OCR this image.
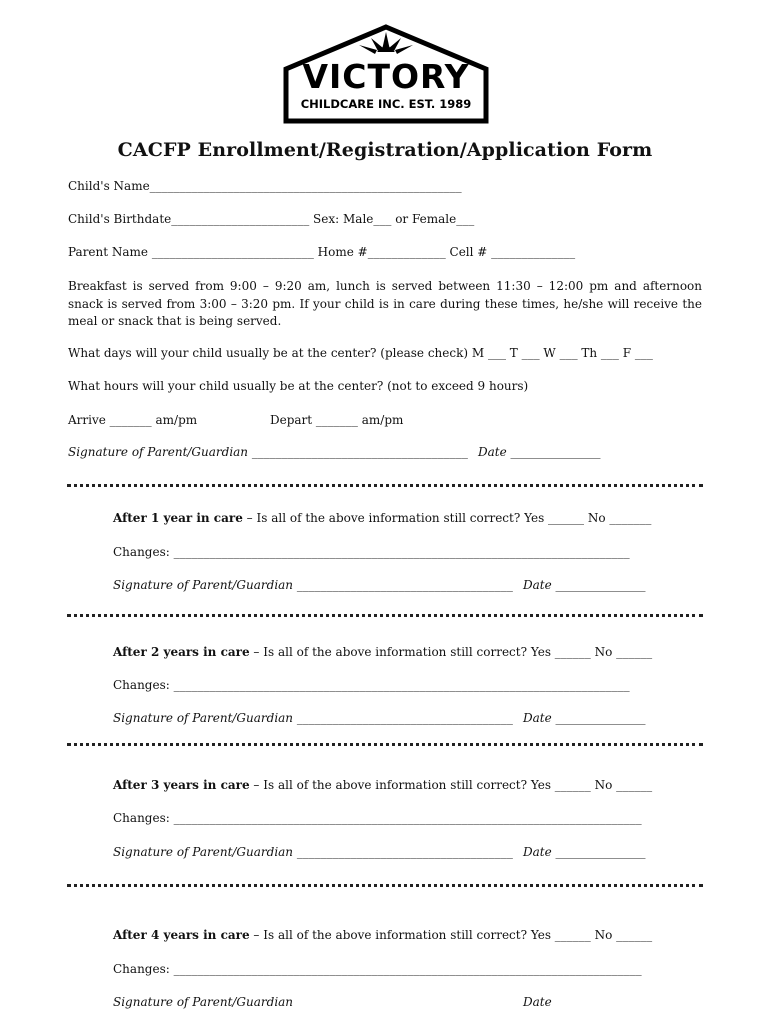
VICTORY
CHILDCARE INC. EST. 1989
CACFP Enrollment/Registration/Application Form
Child's Name____________________________________________________
Child's Birthdate_______________________ Sex: Male___ or Female___
Parent Name ___________________________ Home #_____________ Cell # ______________
Breakfast is served from 9:00 – 9:20 am, lunch is served between 11:30 – 12:00 pm and afternoon snack is served from 3:00 – 3:20 pm. If your child is in care during these times, he/she will receive the meal or snack that is being served.
What days will your child usually be at the center? (please check) M ___ T ___ W ___ Th ___ F ___
What hours will your child usually be at the center? (not to exceed 9 hours)
Arrive _______ am/pm	Depart _______ am/pm
Signature of Parent/Guardian ____________________________________ Date _______________
After 1 year in care – Is all of the above information still correct? Yes ______ No _______
Changes: ____________________________________________________________________________
Signature of Parent/Guardian ____________________________________ Date _______________
After 2 years in care – Is all of the above information still correct? Yes ______ No ______
Changes: ____________________________________________________________________________
Signature of Parent/Guardian ____________________________________ Date _______________
After 3 years in care – Is all of the above information still correct? Yes ______ No ______
Changes: ______________________________________________________________________________
Signature of Parent/Guardian ____________________________________ Date _______________
After 4 years in care – Is all of the above information still correct? Yes ______ No ______
Changes: ______________________________________________________________________________
Signature of Parent/Guardian	Date
